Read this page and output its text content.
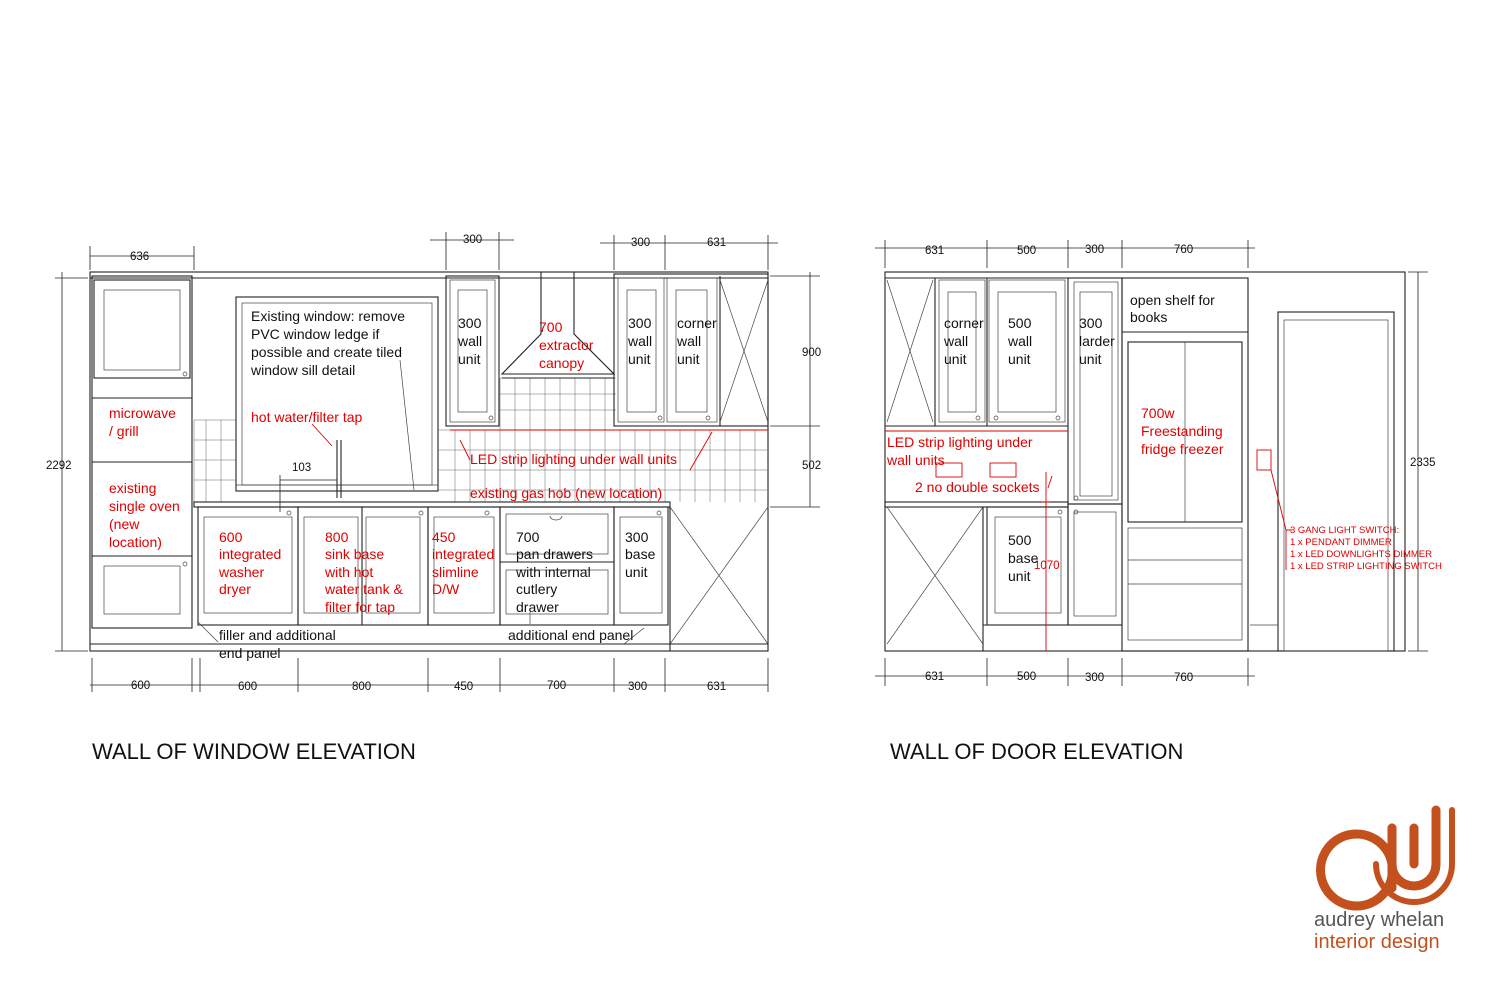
636
300	300	631
2292
900
502
103
600	600	800	450	700	300	631
Existing window: remove PVC window ledge if possible and create tiled window sill detail
300 wall unit
700 extractor canopy
300 wall unit
corner wall unit
microwave / grill
existing single oven (new location)
hot water/filter tap
LED strip lighting under wall units
existing gas hob (new location)
600 integrated washer dryer
800 sink base with hot water tank & filter for tap
450 integrated slimline D/W
700 pan drawers with internal cutlery drawer
300 base unit
filler and additional end panel
additional end panel
WALL OF WINDOW ELEVATION
631	500	300	760
2335
1070
631	500	300	760
corner wall unit
500 wall unit
300 larder unit
open shelf for books
700w Freestanding fridge freezer
LED strip lighting under wall units
2 no double sockets
500 base unit
3 GANG LIGHT SWITCH: 1 x PENDANT DIMMER 1 x LED DOWNLIGHTS DIMMER 1 x LED STRIP LIGHTING SWITCH
WALL OF DOOR ELEVATION
audrey whelan
interior design
